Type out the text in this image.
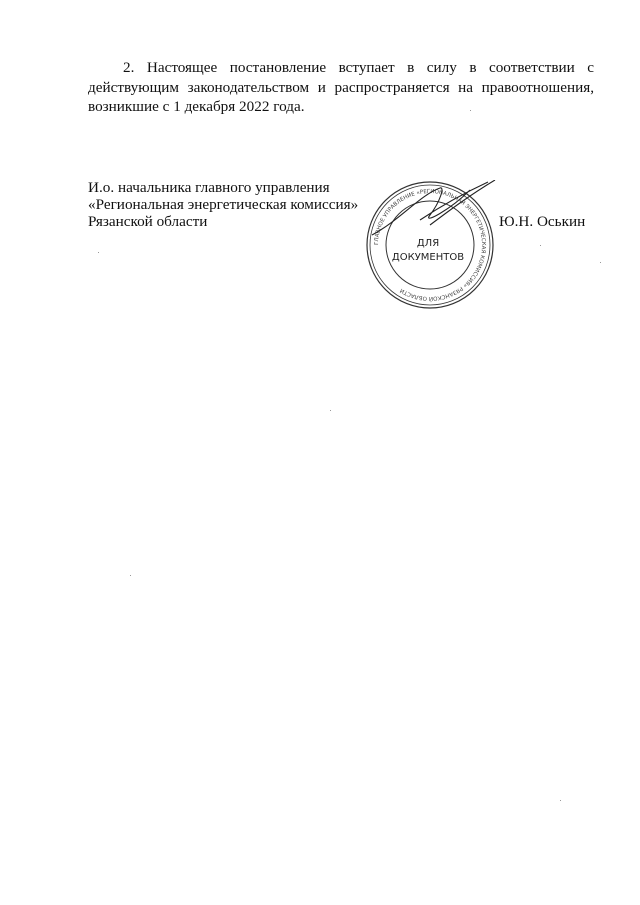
2. Настоящее постановление вступает в силу в соответствии с
действующим законодательством и распространяется на правоотношения,
возникшие с 1 декабря 2022 года.
И.о. начальника главного управления
«Региональная энергетическая комиссия»
Рязанской области	Ю.Н. Оськин
ГЛАВНОЕ УПРАВЛЕНИЕ «РЕГИОНАЛЬНАЯ ЭНЕРГЕТИЧЕСКАЯ КОМИССИЯ» РЯЗАНСКОЙ ОБЛАСТИ
ДЛЯ
ДОКУМЕНТОВ
